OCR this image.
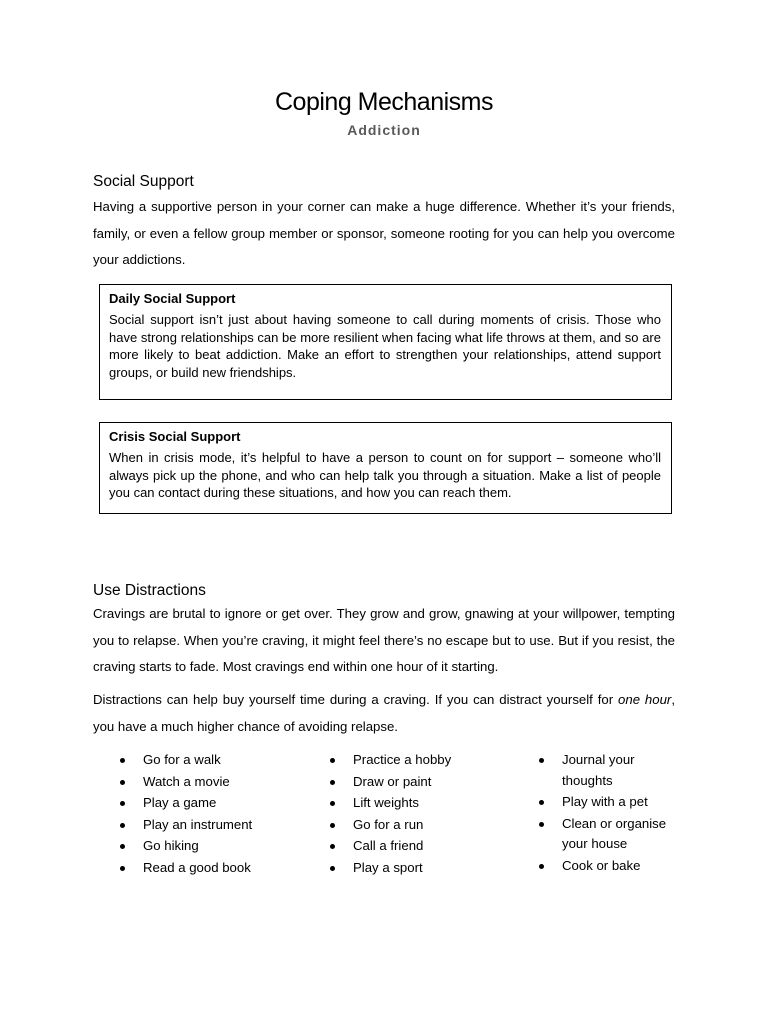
Coping Mechanisms
Addiction
Social Support

Having a supportive person in your corner can make a huge difference. Whether it’s your friends, family, or even a fellow group member or sponsor, someone rooting for you can help you overcome your addictions.

Daily Social Support

Social support isn’t just about having someone to call during moments of crisis. Those who have strong relationships can be more resilient when facing what life throws at them, and so are more likely to beat addiction. Make an effort to strengthen your relationships, attend support groups, or build new friendships.

Crisis Social Support

When in crisis mode, it’s helpful to have a person to count on for support – someone who’ll always pick up the phone, and who can help talk you through a situation. Make a list of people you can contact during these situations, and how you can reach them.

Use Distractions

Cravings are brutal to ignore or get over. They grow and grow, gnawing at your willpower, tempting you to relapse. When you’re craving, it might feel there’s no escape but to use. But if you resist, the craving starts to fade. Most cravings end within one hour of it starting.

Distractions can help buy yourself time during a craving. If you can distract yourself for one hour, you have a much higher chance of avoiding relapse.

Go for a walk
Watch a movie
Play a game
Play an instrument
Go hiking
Read a good book
Practice a hobby
Draw or paint
Lift weights
Go for a run
Call a friend
Play a sport
Journal your thoughts
Play with a pet
Clean or organise your house
Cook or bake
